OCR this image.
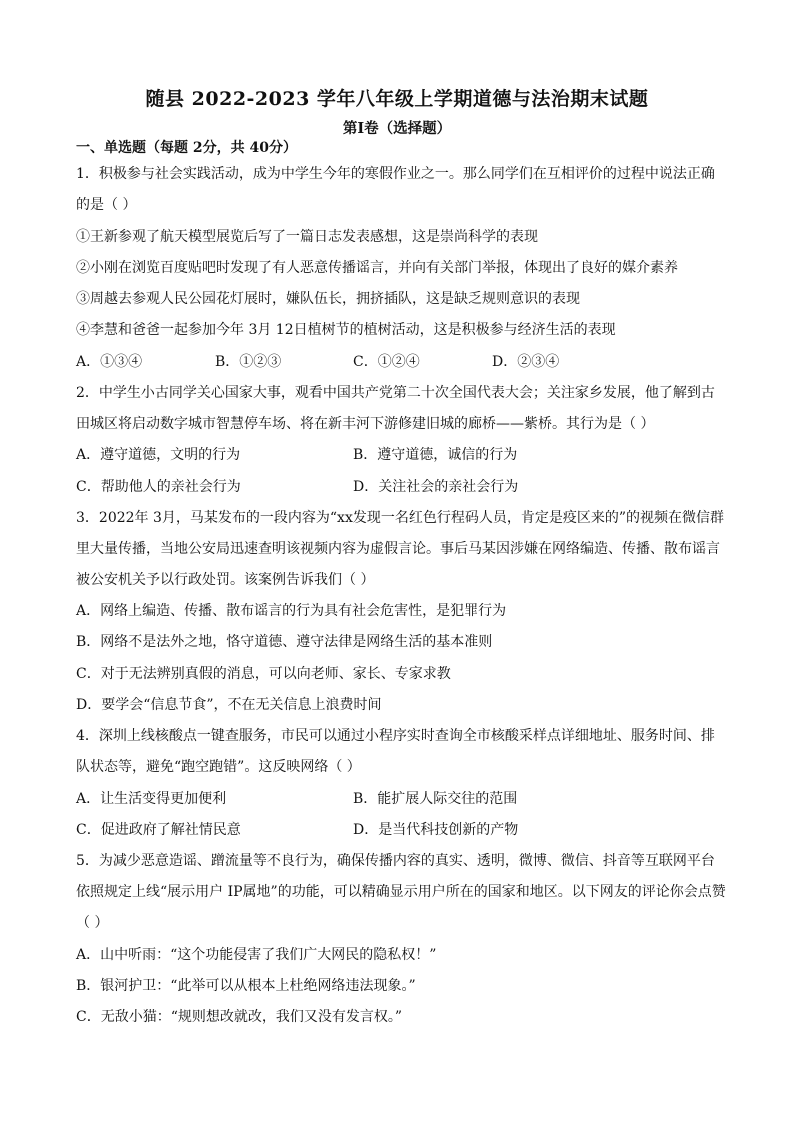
随县 2022-2023 学年八年级上学期道德与法治期末试题
第Ⅰ卷（选择题）
一、单选题（每题 2分，共 40分）
1．积极参与社会实践活动，成为中学生今年的寒假作业之一。那么同学们在互相评价的过程中说法正确
的是（ ）
①王新参观了航天模型展览后写了一篇日志发表感想，这是崇尚科学的表现
②小刚在浏览百度贴吧时发现了有人恶意传播谣言，并向有关部门举报，体现出了良好的媒介素养
③周越去参观人民公园花灯展时，嫌队伍长，拥挤插队，这是缺乏规则意识的表现
④李慧和爸爸一起参加今年 3月 12日植树节的植树活动，这是积极参与经济生活的表现
A．①③④	B．①②③	C．①②④	D．②③④
2．中学生小古同学关心国家大事，观看中国共产党第二十次全国代表大会；关注家乡发展，他了解到古
田城区将启动数字城市智慧停车场、将在新丰河下游修建旧城的廊桥——紫桥。其行为是（ ）
A．遵守道德，文明的行为	B．遵守道德，诚信的行为
C．帮助他人的亲社会行为	D．关注社会的亲社会行为
3．2022年 3月，马某发布的一段内容为“xx发现一名红色行程码人员，肯定是疫区来的”的视频在微信群
里大量传播，当地公安局迅速查明该视频内容为虚假言论。事后马某因涉嫌在网络编造、传播、散布谣言
被公安机关予以行政处罚。该案例告诉我们（ ）
A．网络上编造、传播、散布谣言的行为具有社会危害性，是犯罪行为
B．网络不是法外之地，恪守道德、遵守法律是网络生活的基本准则
C．对于无法辨别真假的消息，可以向老师、家长、专家求教
D．要学会“信息节食”，不在无关信息上浪费时间
4．深圳上线核酸点一键查服务，市民可以通过小程序实时查询全市核酸采样点详细地址、服务时间、排
队状态等，避免“跑空跑错”。这反映网络（ ）
A．让生活变得更加便利	B．能扩展人际交往的范围
C．促进政府了解社情民意	D．是当代科技创新的产物
5．为减少恶意造谣、蹭流量等不良行为，确保传播内容的真实、透明，微博、微信、抖音等互联网平台
依照规定上线“展示用户 IP属地”的功能，可以精确显示用户所在的国家和地区。以下网友的评论你会点赞
（ ）
A．山中听雨：“这个功能侵害了我们广大网民的隐私权！”
B．银河护卫：“此举可以从根本上杜绝网络违法现象。”
C．无敌小猫：“规则想改就改，我们又没有发言权。”
